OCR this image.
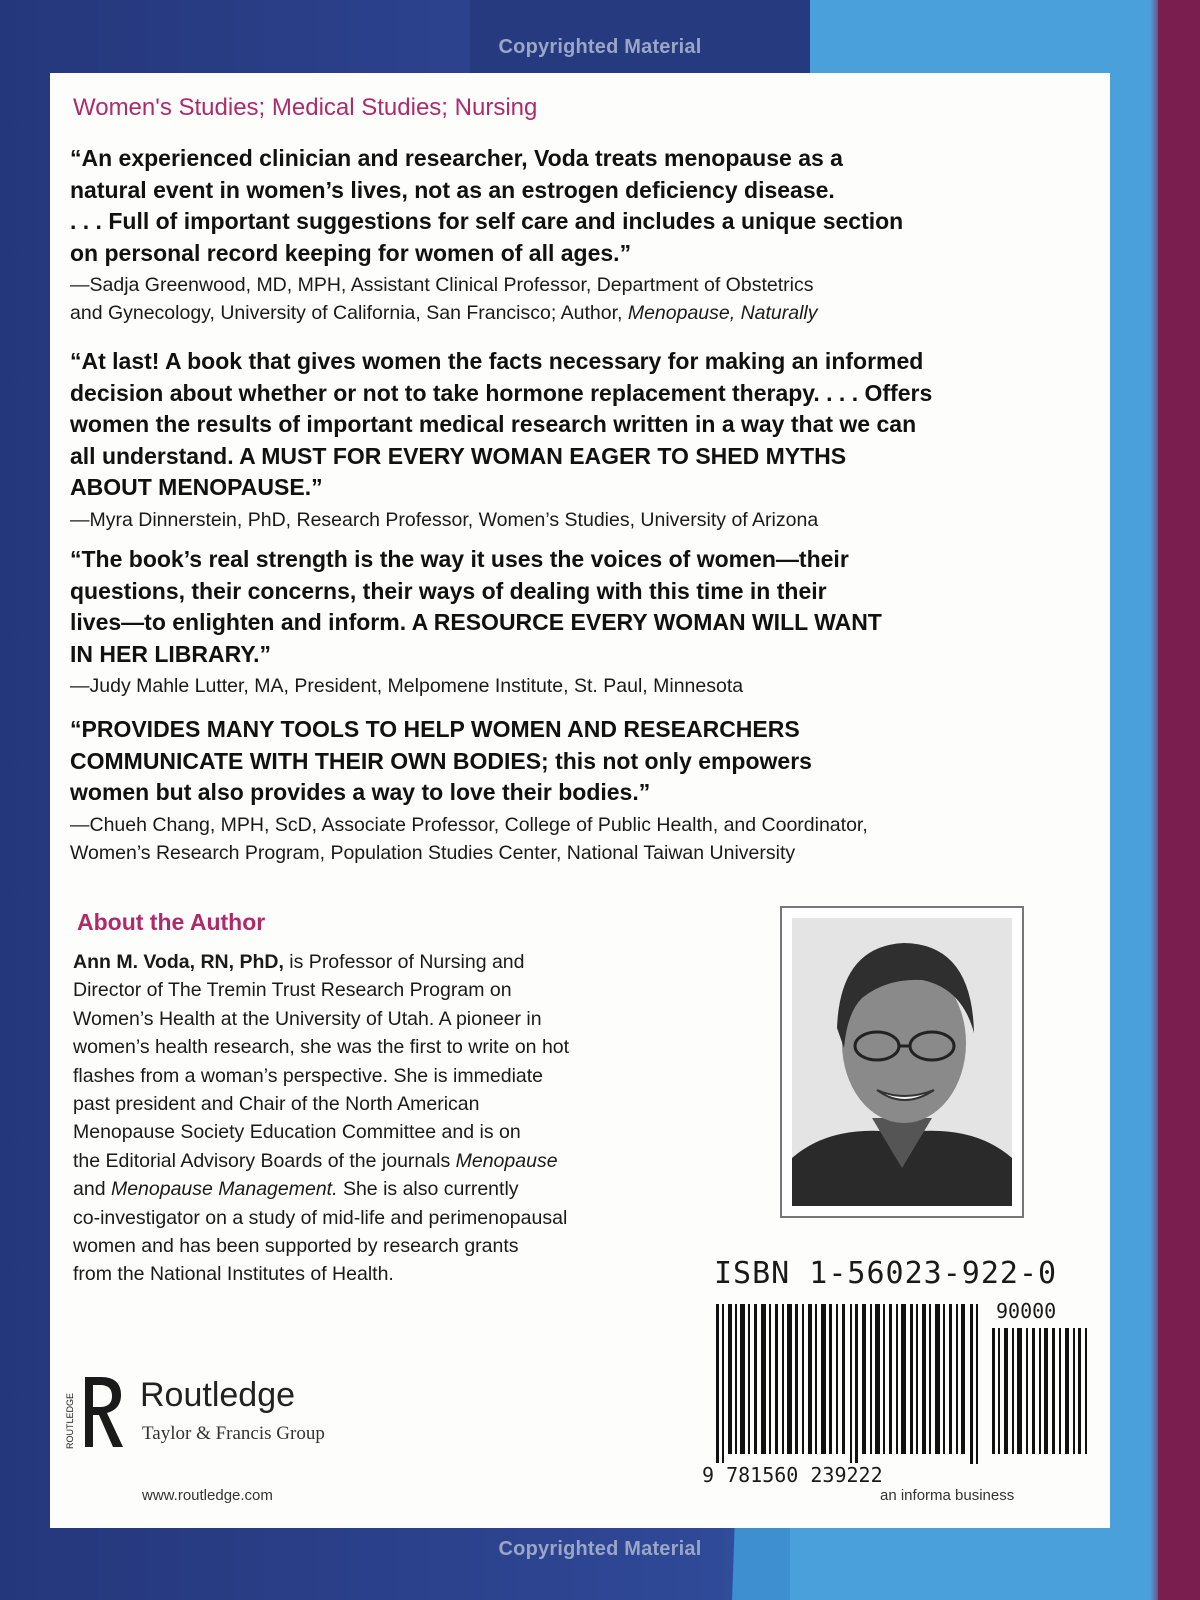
Copyrighted Material
Copyrighted Material
Women's Studies; Medical Studies; Nursing

“An experienced clinician and researcher, Voda treats menopause as a
natural event in women’s lives, not as an estrogen deficiency disease.
. . . Full of important suggestions for self care and includes a unique section
on personal record keeping for women of all ages.”

—Sadja Greenwood, MD, MPH, Assistant Clinical Professor, Department of Obstetrics
and Gynecology, University of California, San Francisco; Author, Menopause, Naturally

“At last! A book that gives women the facts necessary for making an informed
decision about whether or not to take hormone replacement therapy. . . . Offers
women the results of important medical research written in a way that we can
all understand. A MUST FOR EVERY WOMAN EAGER TO SHED MYTHS
ABOUT MENOPAUSE.”

—Myra Dinnerstein, PhD, Research Professor, Women’s Studies, University of Arizona

“The book’s real strength is the way it uses the voices of women—their
questions, their concerns, their ways of dealing with this time in their
lives—to enlighten and inform. A RESOURCE EVERY WOMAN WILL WANT
IN HER LIBRARY.”

—Judy Mahle Lutter, MA, President, Melpomene Institute, St. Paul, Minnesota

“PROVIDES MANY TOOLS TO HELP WOMEN AND RESEARCHERS
COMMUNICATE WITH THEIR OWN BODIES; this not only empowers
women but also provides a way to love their bodies.”

—Chueh Chang, MPH, ScD, Associate Professor, College of Public Health, and Coordinator,
Women’s Research Program, Population Studies Center, National Taiwan University

About the Author
Ann M. Voda, RN, PhD, is Professor of Nursing and
Director of The Tremin Trust Research Program on
Women’s Health at the University of Utah. A pioneer in
women’s health research, she was the first to write on hot
flashes from a woman’s perspective. She is immediate
past president and Chair of the North American
Menopause Society Education Committee and is on
the Editorial Advisory Boards of the journals Menopause
and Menopause Management. She is also currently
co-investigator on a study of mid-life and perimenopausal
women and has been supported by research grants
from the National Institutes of Health.	ISBN 1-56023-922-0
90000
9 781560 239222
an informa business
ROUTLEDGE Routledge
Taylor & Francis Group
www.routledge.com
